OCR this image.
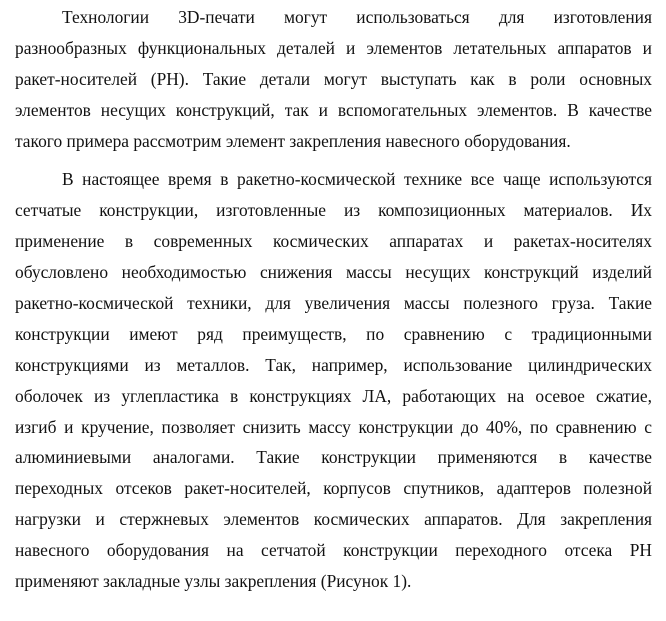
Технологии 3D-печати могут использоваться для изготовления
разнообразных функциональных деталей и элементов летательных аппаратов и
ракет-носителей (РН). Такие детали могут выступать как в роли основных
элементов несущих конструкций, так и вспомогательных элементов. В качестве
такого примера рассмотрим элемент закрепления навесного оборудования.
В настоящее время в ракетно-космической технике все чаще используются
сетчатые конструкции, изготовленные из композиционных материалов. Их
применение в современных космических аппаратах и ракетах-носителях
обусловлено необходимостью снижения массы несущих конструкций изделий
ракетно-космической техники, для увеличения массы полезного груза. Такие
конструкции имеют ряд преимуществ, по сравнению с традиционными
конструкциями из металлов. Так, например, использование цилиндрических
оболочек из углепластика в конструкциях ЛА, работающих на осевое сжатие,
изгиб и кручение, позволяет снизить массу конструкции до 40%, по сравнению с
алюминиевыми аналогами. Такие конструкции применяются в качестве
переходных отсеков ракет-носителей, корпусов спутников, адаптеров полезной
нагрузки и стержневых элементов космических аппаратов. Для закрепления
навесного оборудования на сетчатой конструкции переходного отсека РН
применяют закладные узлы закрепления (Рисунок 1).
